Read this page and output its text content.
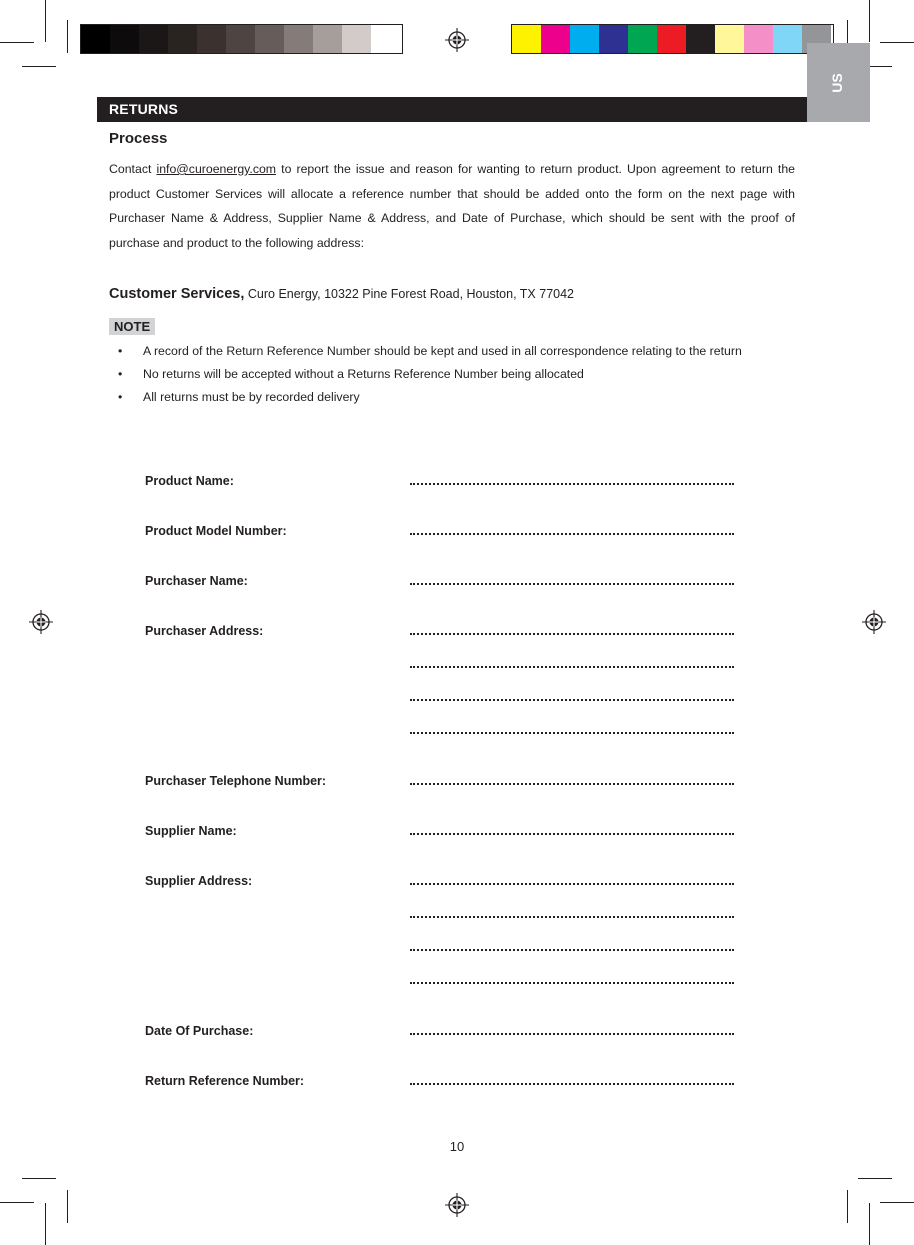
US
RETURNS
Process
Contact info@curoenergy.com to report the issue and reason for wanting to return product. Upon agreement to return the product Customer Services will allocate a reference number that should be added onto the form on the next page with Purchaser Name & Address, Supplier Name & Address, and Date of Purchase, which should be sent with the proof of purchase and product to the following address:
Customer Services, Curo Energy, 10322 Pine Forest Road, Houston, TX 77042
NOTE
• A record of the Return Reference Number should be kept and used in all correspondence relating to the return
• No returns will be accepted without a Returns Reference Number being allocated
• All returns must be by recorded delivery
Product Name:
Product Model Number:
Purchaser Name:
Purchaser Address:
Purchaser Telephone Number:
Supplier Name:
Supplier Address:
Date Of Purchase:
Return Reference Number:
10
